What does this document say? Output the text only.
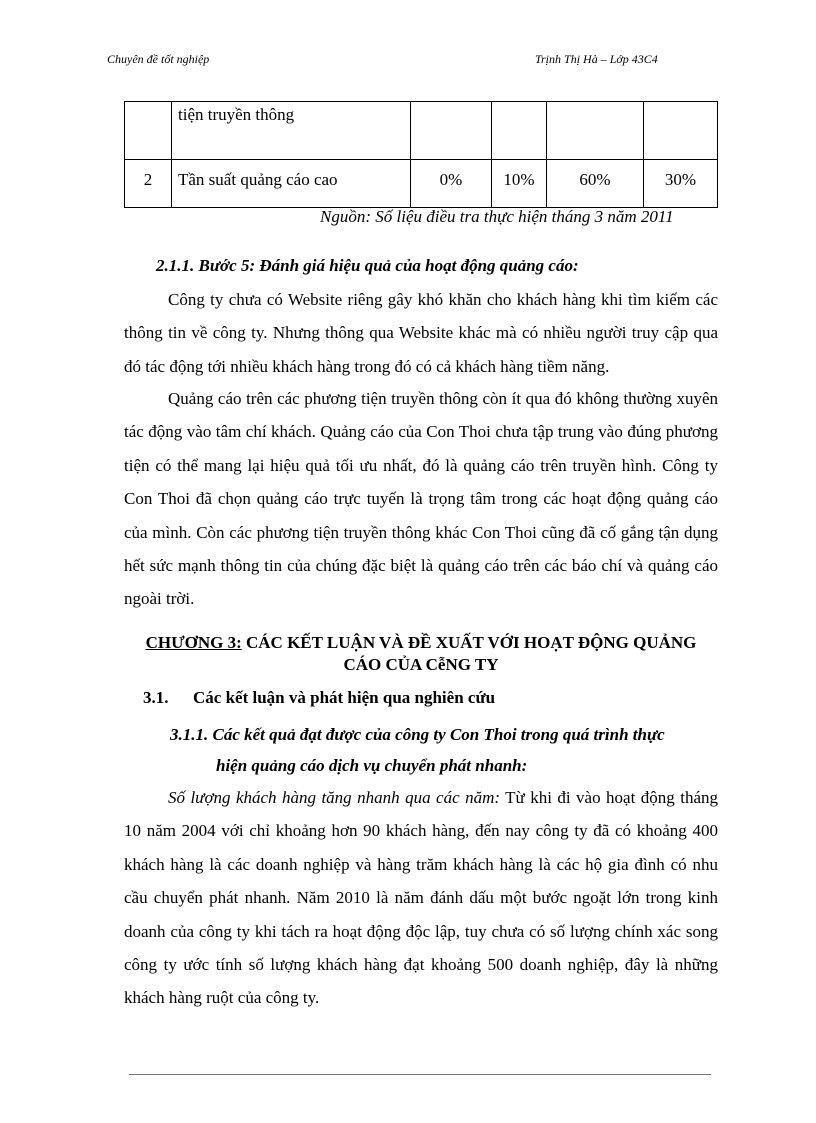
Chuyên đề tốt nghiệp	Trịnh Thị Hà – Lớp 43C4

	tiện truyền thông				

2	Tần suất quảng cáo cao	0%	10%	60%	30%
Nguồn: Số liệu điều tra thực hiện tháng 3 năm 2011
2.1.1. Bước 5: Đánh giá hiệu quả của hoạt động quảng cáo:

Công ty chưa có Website riêng gây khó khăn cho khách hàng khi tìm kiếm các thông tin về công ty. Nhưng thông qua Website khác mà có nhiều người truy cập qua đó tác động tới nhiều khách hàng trong đó có cả khách hàng tiềm năng.

Quảng cáo trên các phương tiện truyền thông còn ít qua đó không thường xuyên tác động vào tâm chí khách. Quảng cáo của Con Thoi chưa tập trung vào đúng phương tiện có thể mang lại hiệu quả tối ưu nhất, đó là quảng cáo trên truyền hình. Công ty Con Thoi đã chọn quảng cáo trực tuyến là trọng tâm trong các hoạt động quảng cáo của mình. Còn các phương tiện truyền thông khác Con Thoi cũng đã cố gắng tận dụng hết sức mạnh thông tin của chúng đặc biệt là quảng cáo trên các báo chí và quảng cáo ngoài trời.

CHƯƠNG 3: CÁC KẾT LUẬN VÀ ĐỀ XUẤT VỚI HOẠT ĐỘNG QUẢNG
CÁO CỦA CễNG TY
3.1. Các kết luận và phát hiện qua nghiên cứu

3.1.1. Các kết quả đạt được của công ty Con Thoi trong quá trình thực
hiện quảng cáo dịch vụ chuyển phát nhanh:

Số lượng khách hàng tăng nhanh qua các năm: Từ khi đi vào hoạt động tháng 10 năm 2004 với chỉ khoảng hơn 90 khách hàng, đến nay công ty đã có khoảng 400 khách hàng là các doanh nghiệp và hàng trăm khách hàng là các hộ gia đình có nhu cầu chuyển phát nhanh. Năm 2010 là năm đánh dấu một bước ngoặt lớn trong kinh doanh của công ty khi tách ra hoạt động độc lập, tuy chưa có số lượng chính xác song công ty ước tính số lượng khách hàng đạt khoảng 500 doanh nghiệp, đây là những khách hàng ruột của công ty.
